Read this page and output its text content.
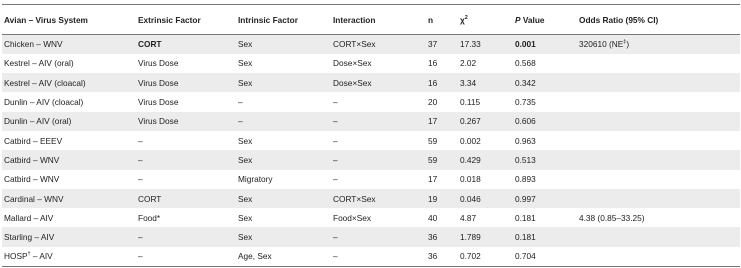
Avian – Virus System	Extrinsic Factor	Intrinsic Factor	Interaction	n	$\chi^2$	P Value	Odds Ratio (95% CI)
Chicken – WNV	CORT	Sex	CORT×Sex	37	17.33	0.001	320610 (NE‡)
Kestrel – AIV (oral)	Virus Dose	Sex	Dose×Sex	16	2.02	0.568	
Kestrel – AIV (cloacal)	Virus Dose	Sex	Dose×Sex	16	3.34	0.342	
Dunlin – AIV (cloacal)	Virus Dose	–	–	20	0.115	0.735	
Dunlin – AIV (oral)	Virus Dose	–	–	17	0.267	0.606	
Catbird – EEEV	–	Sex	–	59	0.002	0.963	
Catbird – WNV	–	Sex	–	59	0.429	0.513	
Catbird – WNV	–	Migratory	–	17	0.018	0.893	
Cardinal – WNV	CORT	Sex	CORT×Sex	19	0.046	0.997	
Mallard – AIV	Food*	Sex	Food×Sex	40	4.87	0.181	4.38 (0.85–33.25)
Starling – AIV	–	Sex	–	36	1.789	0.181	
HOSP† – AIV	–	Age, Sex	–	36	0.702	0.704	
